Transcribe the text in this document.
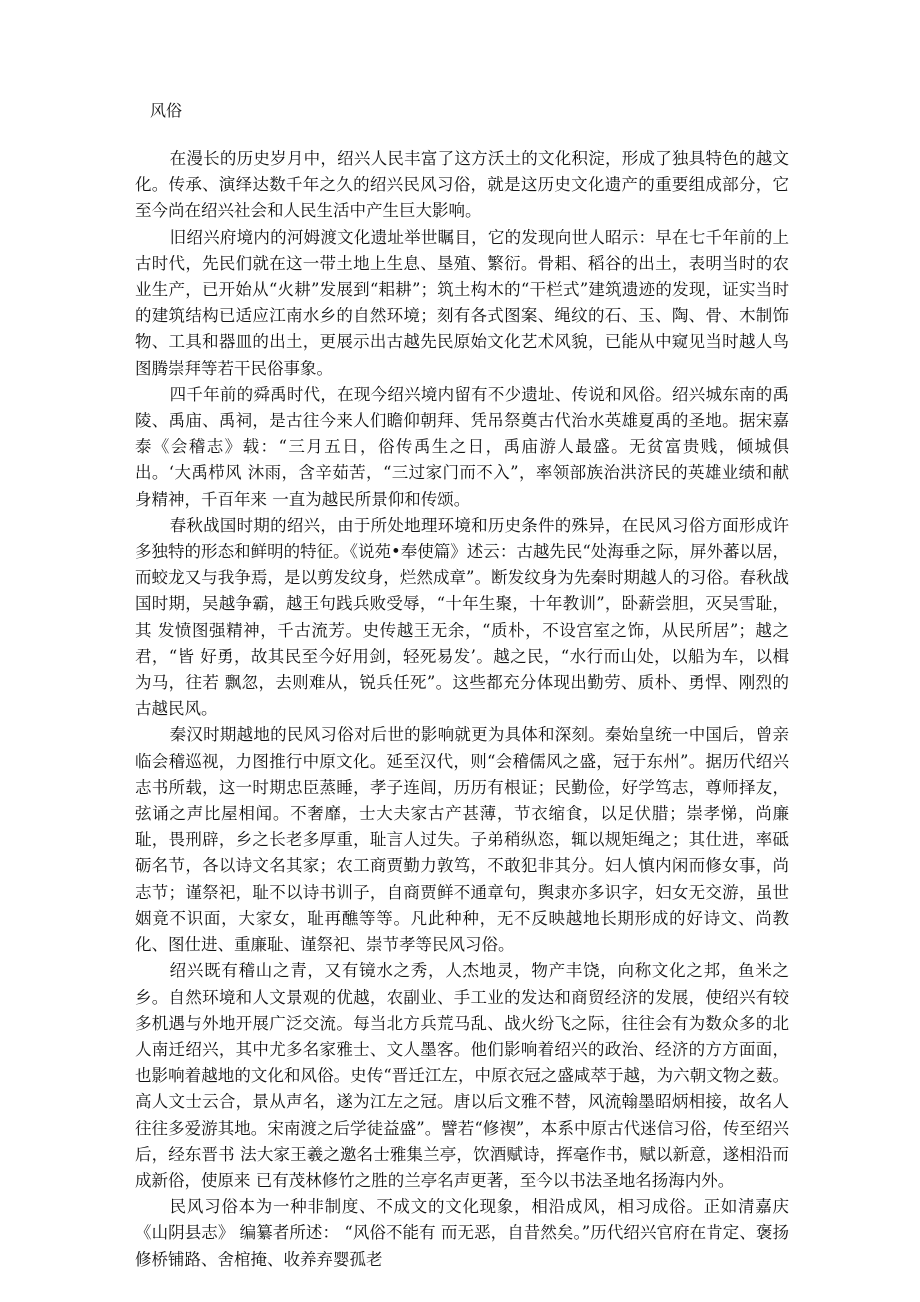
风俗

在漫长的历史岁月中，绍兴人民丰富了这方沃土的文化积淀，形成了独具特色的越文化。传承、演绎达数千年之久的绍兴民风习俗，就是这历史文化遗产的重要组成部分，它至今尚在绍兴社会和人民生活中产生巨大影响。

旧绍兴府境内的河姆渡文化遗址举世瞩目，它的发现向世人昭示：早在七千年前的上古时代，先民们就在这一带土地上生息、垦殖、繁衍。骨耜、稻谷的出土，表明当时的农业生产，已开始从“火耕”发展到“耜耕”；筑土构木的“干栏式”建筑遗迹的发现，证实当时的建筑结构已适应江南水乡的自然环境；刻有各式图案、绳纹的石、玉、陶、骨、木制饰物、工具和器皿的出土，更展示出古越先民原始文化艺术风貌，已能从中窥见当时越人鸟图腾崇拜等若干民俗事象。

四千年前的舜禹时代，在现今绍兴境内留有不少遗址、传说和风俗。绍兴城东南的禹陵、禹庙、禹祠，是古往今来人们瞻仰朝拜、凭吊祭奠古代治水英雄夏禹的圣地。据宋嘉泰《会稽志》载：“三月五日，俗传禹生之日，禹庙游人最盛。无贫富贵贱，倾城俱出。‘大禹栉风 沐雨，含辛茹苦，“三过家门而不入”，率领部族治洪济民的英雄业绩和献身精神，千百年来 一直为越民所景仰和传颂。

春秋战国时期的绍兴，由于所处地理环境和历史条件的殊异，在民风习俗方面形成许多独特的形态和鲜明的特征。《说苑•奉使篇》述云：古越先民“处海垂之际，屏外蕃以居，而蛟龙又与我争焉，是以剪发纹身，烂然成章”。断发纹身为先秦时期越人的习俗。春秋战国时期，吴越争霸，越王句践兵败受辱，“十年生聚，十年教训”，卧薪尝胆，灭吴雪耻，其 发愤图强精神，千古流芳。史传越王无余，“质朴，不设宫室之饰，从民所居”；越之君，“皆 好勇，故其民至今好用剑，轻死易发’。越之民，“水行而山处，以船为车，以楫为马，往若 飘忽，去则难从，锐兵任死”。这些都充分体现出勤劳、质朴、勇悍、刚烈的古越民风。

秦汉时期越地的民风习俗对后世的影响就更为具体和深刻。秦始皇统一中国后，曾亲临会稽巡视，力图推行中原文化。延至汉代，则“会稽儒风之盛，冠于东州”。据历代绍兴志书所载，这一时期忠臣蒸睡，孝子连闾，历历有根证；民勤俭，好学笃志，尊师择友，弦诵之声比屋相闻。不奢靡，士大夫家古产甚薄，节衣缩食，以足伏腊；崇孝悌，尚廉耻，畏刑辟，乡之长老多厚重，耻言人过失。子弟稍纵恣，辄以规矩绳之；其仕进，率砥砺名节，各以诗文名其家；农工商贾勤力敦笃，不敢犯非其分。妇人慎内闲而修女事，尚志节；谨祭祀，耻不以诗书训子，自商贾鲜不通章句，舆隶亦多识字，妇女无交游，虽世姻竟不识面，大家女，耻再醮等等。凡此种种，无不反映越地长期形成的好诗文、尚教化、图仕进、重廉耻、谨祭祀、崇节孝等民风习俗。

绍兴既有稽山之青，又有镜水之秀，人杰地灵，物产丰饶，向称文化之邦，鱼米之乡。自然环境和人文景观的优越，农副业、手工业的发达和商贸经济的发展，使绍兴有较多机遇与外地开展广泛交流。每当北方兵荒马乱、战火纷飞之际，往往会有为数众多的北人南迁绍兴，其中尤多名家雅士、文人墨客。他们影响着绍兴的政治、经济的方方面面，也影响着越地的文化和风俗。史传“晋迁江左，中原衣冠之盛咸萃于越，为六朝文物之薮。高人文士云合，景从声名，遂为江左之冠。唐以后文雅不替，风流翰墨昭炳相接，故名人往往多爱游其地。宋南渡之后学徒益盛”。譬若“修禊”，本系中原古代迷信习俗，传至绍兴后，经东晋书 法大家王羲之邀名士雅集兰亭，饮酒赋诗，挥毫作书，赋以新意，遂相沿而成新俗，使原来 已有茂林修竹之胜的兰亭名声更著，至今以书法圣地名扬海内外。

民风习俗本为一种非制度、不成文的文化现象，相沿成风，相习成俗。正如清嘉庆《山阴县志》 编纂者所述： “风俗不能有 而无恶，自昔然矣。”历代绍兴官府在肯定、褒扬修桥铺路、舍棺掩、收养弃婴孤老
